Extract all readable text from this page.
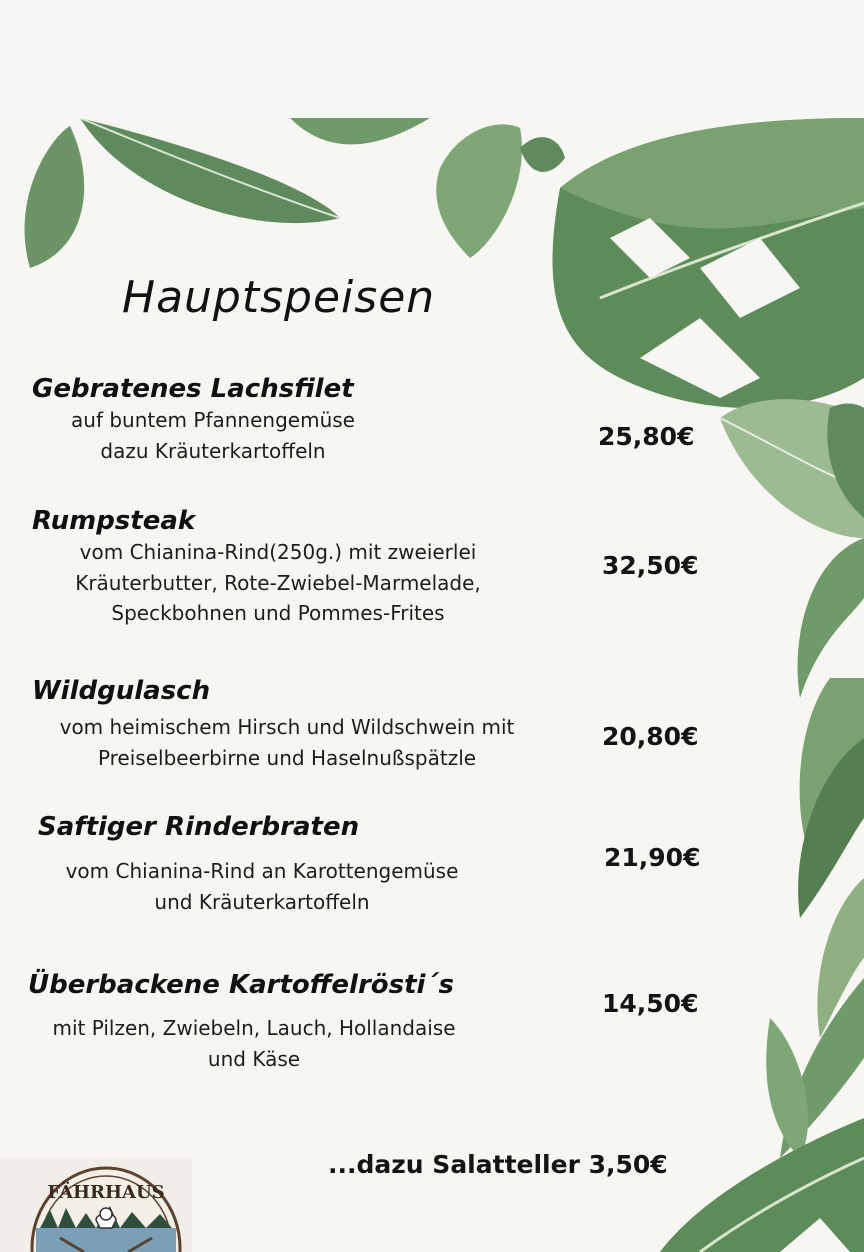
Hauptspeisen
Gebratenes Lachsfilet
auf buntem Pfannengemüse
dazu Kräuterkartoffeln	25,80€
Rumpsteak
vom Chianina-Rind(250g.) mit zweierlei
Kräuterbutter, Rote-Zwiebel-Marmelade,
Speckbohnen und Pommes-Frites
32,50€
Wildgulasch
vom heimischem Hirsch und Wildschwein mit
Preiselbeerbirne und Haselnußspätzle
20,80€
Saftiger Rinderbraten
vom Chianina-Rind an Karottengemüse
und Kräuterkartoffeln
21,90€
Überbackene Kartoffelrösti´s
mit Pilzen, Zwiebeln, Lauch, Hollandaise
und Käse
14,50€
...dazu Salatteller 3,50€
FÄHRHAUS
